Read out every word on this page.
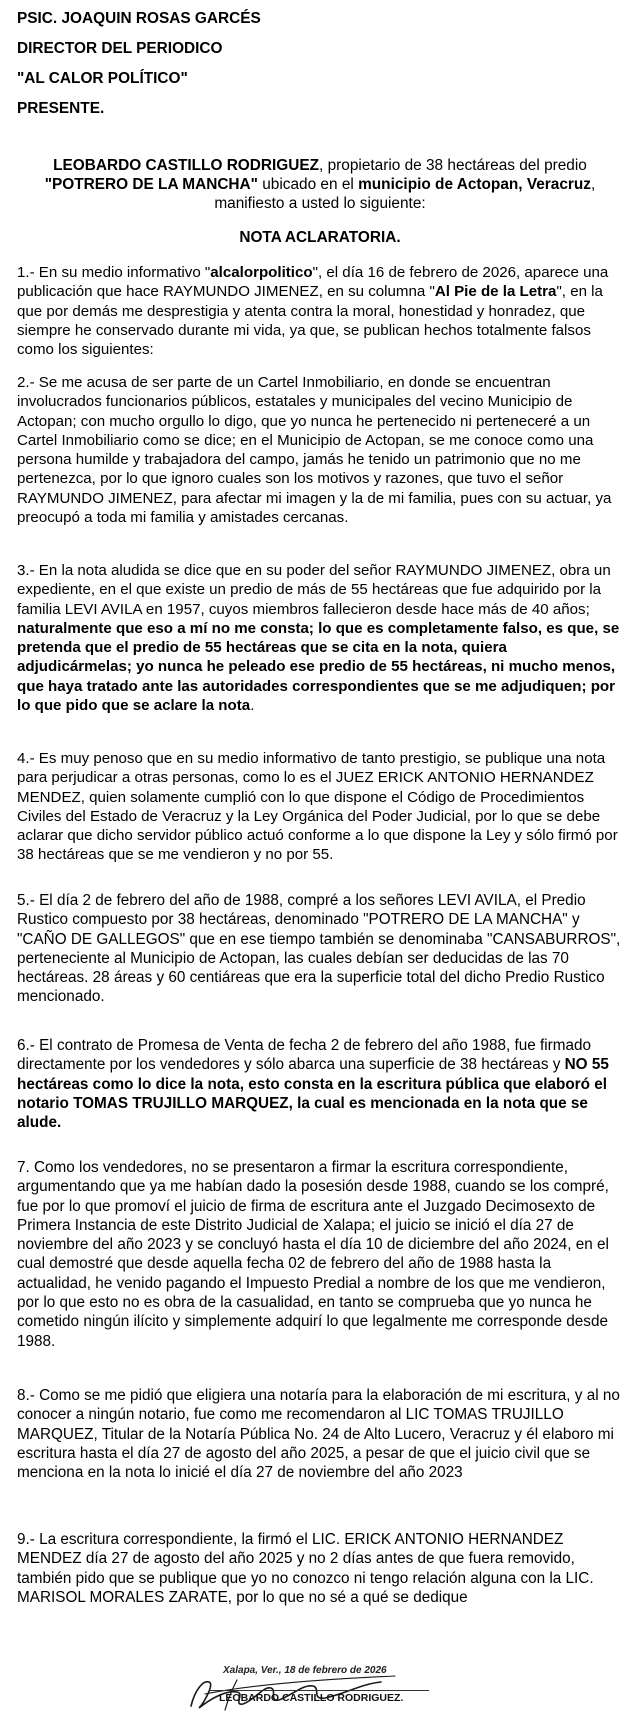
PSIC. JOAQUIN ROSAS GARCÉS
DIRECTOR DEL PERIODICO
"AL CALOR POLÍTICO"
PRESENTE.
LEOBARDO CASTILLO RODRIGUEZ, propietario de 38 hectáreas del predio "POTRERO DE LA MANCHA" ubicado en el municipio de Actopan, Veracruz, manifiesto a usted lo siguiente:
NOTA ACLARATORIA.

1.- En su medio informativo "alcalorpolitico", el día 16 de febrero de 2026, aparece una publicación que hace RAYMUNDO JIMENEZ, en su columna "Al Pie de la Letra", en la que por demás me desprestigia y atenta contra la moral, honestidad y honradez, que siempre he conservado durante mi vida, ya que, se publican hechos totalmente falsos como los siguientes:

2.- Se me acusa de ser parte de un Cartel Inmobiliario, en donde se encuentran involucrados funcionarios públicos, estatales y municipales del vecino Municipio de Actopan; con mucho orgullo lo digo, que yo nunca he pertenecido ni perteneceré a un Cartel Inmobiliario como se dice; en el Municipio de Actopan, se me conoce como una persona humilde y trabajadora del campo, jamás he tenido un patrimonio que no me pertenezca, por lo que ignoro cuales son los motivos y razones, que tuvo el señor RAYMUNDO JIMENEZ, para afectar mi imagen y la de mi familia, pues con su actuar, ya preocupó a toda mi familia y amistades cercanas.

3.- En la nota aludida se dice que en su poder del señor RAYMUNDO JIMENEZ, obra un expediente, en el que existe un predio de más de 55 hectáreas que fue adquirido por la familia LEVI AVILA en 1957, cuyos miembros fallecieron desde hace más de 40 años; naturalmente que eso a mí no me consta; lo que es completamente falso, es que, se pretenda que el predio de 55 hectáreas que se cita en la nota, quiera adjudicármelas; yo nunca he peleado ese predio de 55 hectáreas, ni mucho menos, que haya tratado ante las autoridades correspondientes que se me adjudiquen; por lo que pido que se aclare la nota.

4.- Es muy penoso que en su medio informativo de tanto prestigio, se publique una nota para perjudicar a otras personas, como lo es el JUEZ ERICK ANTONIO HERNANDEZ MENDEZ, quien solamente cumplió con lo que dispone el Código de Procedimientos Civiles del Estado de Veracruz y la Ley Orgánica del Poder Judicial, por lo que se debe aclarar que dicho servidor público actuó conforme a lo que dispone la Ley y sólo firmó por 38 hectáreas que se me vendieron y no por 55.

5.- El día 2 de febrero del año de 1988, compré a los señores LEVI AVILA, el Predio Rustico compuesto por 38 hectáreas, denominado "POTRERO DE LA MANCHA" y "CAÑO DE GALLEGOS" que en ese tiempo también se denominaba "CANSABURROS", perteneciente al Municipio de Actopan, las cuales debían ser deducidas de las 70 hectáreas. 28 áreas y 60 centiáreas que era la superficie total del dicho Predio Rustico mencionado.

6.- El contrato de Promesa de Venta de fecha 2 de febrero del año 1988, fue firmado directamente por los vendedores y sólo abarca una superficie de 38 hectáreas y NO 55 hectáreas como lo dice la nota, esto consta en la escritura pública que elaboró el notario TOMAS TRUJILLO MARQUEZ, la cual es mencionada en la nota que se alude.

7. Como los vendedores, no se presentaron a firmar la escritura correspondiente, argumentando que ya me habían dado la posesión desde 1988, cuando se los compré, fue por lo que promoví el juicio de firma de escritura ante el Juzgado Decimosexto de Primera Instancia de este Distrito Judicial de Xalapa; el juicio se inició el día 27 de noviembre del año 2023 y se concluyó hasta el día 10 de diciembre del año 2024, en el cual demostré que desde aquella fecha 02 de febrero del año de 1988 hasta la actualidad, he venido pagando el Impuesto Predial a nombre de los que me vendieron, por lo que esto no es obra de la casualidad, en tanto se comprueba que yo nunca he cometido ningún ilícito y simplemente adquirí lo que legalmente me corresponde desde 1988.

8.- Como se me pidió que eligiera una notaría para la elaboración de mi escritura, y al no conocer a ningún notario, fue como me recomendaron al LIC TOMAS TRUJILLO MARQUEZ, Titular de la Notaría Pública No. 24 de Alto Lucero, Veracruz y él elaboro mi escritura hasta el día 27 de agosto del año 2025, a pesar de que el juicio civil que se menciona en la nota lo inicié el día 27 de noviembre del año 2023

9.- La escritura correspondiente, la firmó el LIC. ERICK ANTONIO HERNANDEZ MENDEZ día 27 de agosto del año 2025 y no 2 días antes de que fuera removido, también pido que se publique que yo no conozco ni tengo relación alguna con la LIC. MARISOL MORALES ZARATE, por lo que no sé a qué se dedique

Xalapa, Ver., 18 de febrero de 2026
LEOBARDO CASTILLO RODRIGUEZ.
